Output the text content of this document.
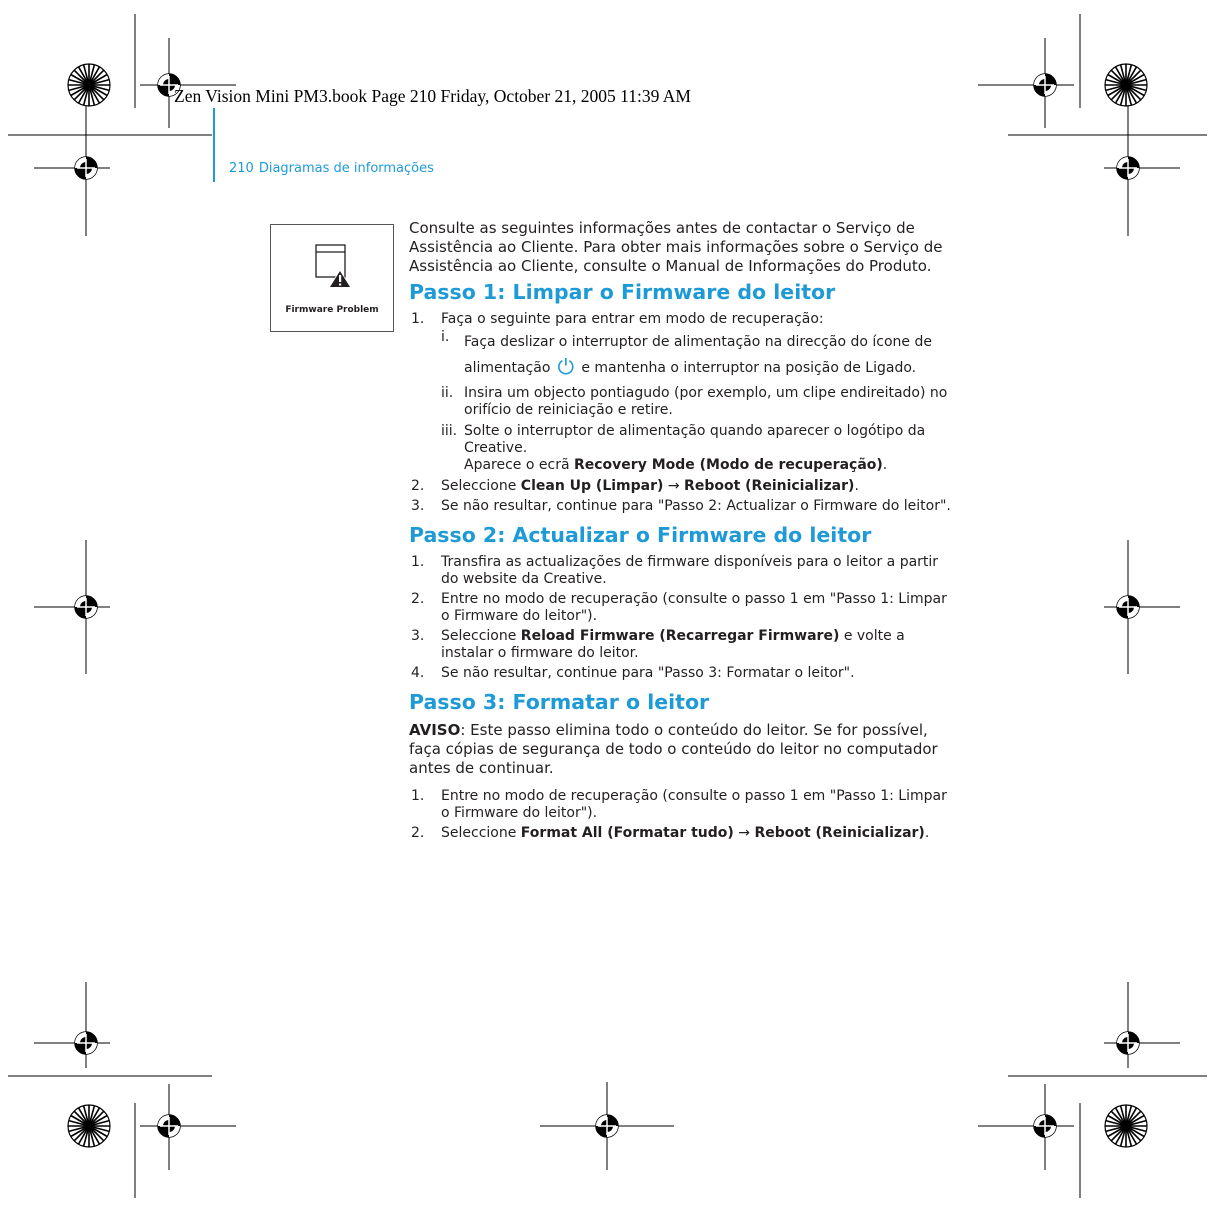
Zen Vision Mini PM3.book Page 210 Friday, October 21, 2005 11:39 AM
210 Diagramas de informações
Firmware Problem

Consulte as seguintes informações antes de contactar o Serviço de Assistência ao Cliente. Para obter mais informações sobre o Serviço de Assistência ao Cliente, consulte o Manual de Informações do Produto.

Passo 1: Limpar o Firmware do leitor
1. Faça o seguinte para entrar em modo de recuperação:
i. Faça deslizar o interruptor de alimentação na direcção do ícone de alimentação ⏻ e mantenha o interruptor na posição de Ligado.
ii. Insira um objecto pontiagudo (por exemplo, um clipe endireitado) no orifício de reiniciação e retire.
iii. Solte o interruptor de alimentação quando aparecer o logótipo da Creative.
Aparece o ecrã Recovery Mode (Modo de recuperação).
2. Seleccione Clean Up (Limpar) → Reboot (Reinicializar).
3. Se não resultar, continue para "Passo 2: Actualizar o Firmware do leitor".
Passo 2: Actualizar o Firmware do leitor
1. Transfira as actualizações de firmware disponíveis para o leitor a partir do website da Creative.
2. Entre no modo de recuperação (consulte o passo 1 em "Passo 1: Limpar o Firmware do leitor").
3. Seleccione Reload Firmware (Recarregar Firmware) e volte a instalar o firmware do leitor.
4. Se não resultar, continue para "Passo 3: Formatar o leitor".
Passo 3: Formatar o leitor

AVISO: Este passo elimina todo o conteúdo do leitor. Se for possível, faça cópias de segurança de todo o conteúdo do leitor no computador antes de continuar.

1. Entre no modo de recuperação (consulte o passo 1 em "Passo 1: Limpar o Firmware do leitor").
2. Seleccione Format All (Formatar tudo) → Reboot (Reinicializar).
